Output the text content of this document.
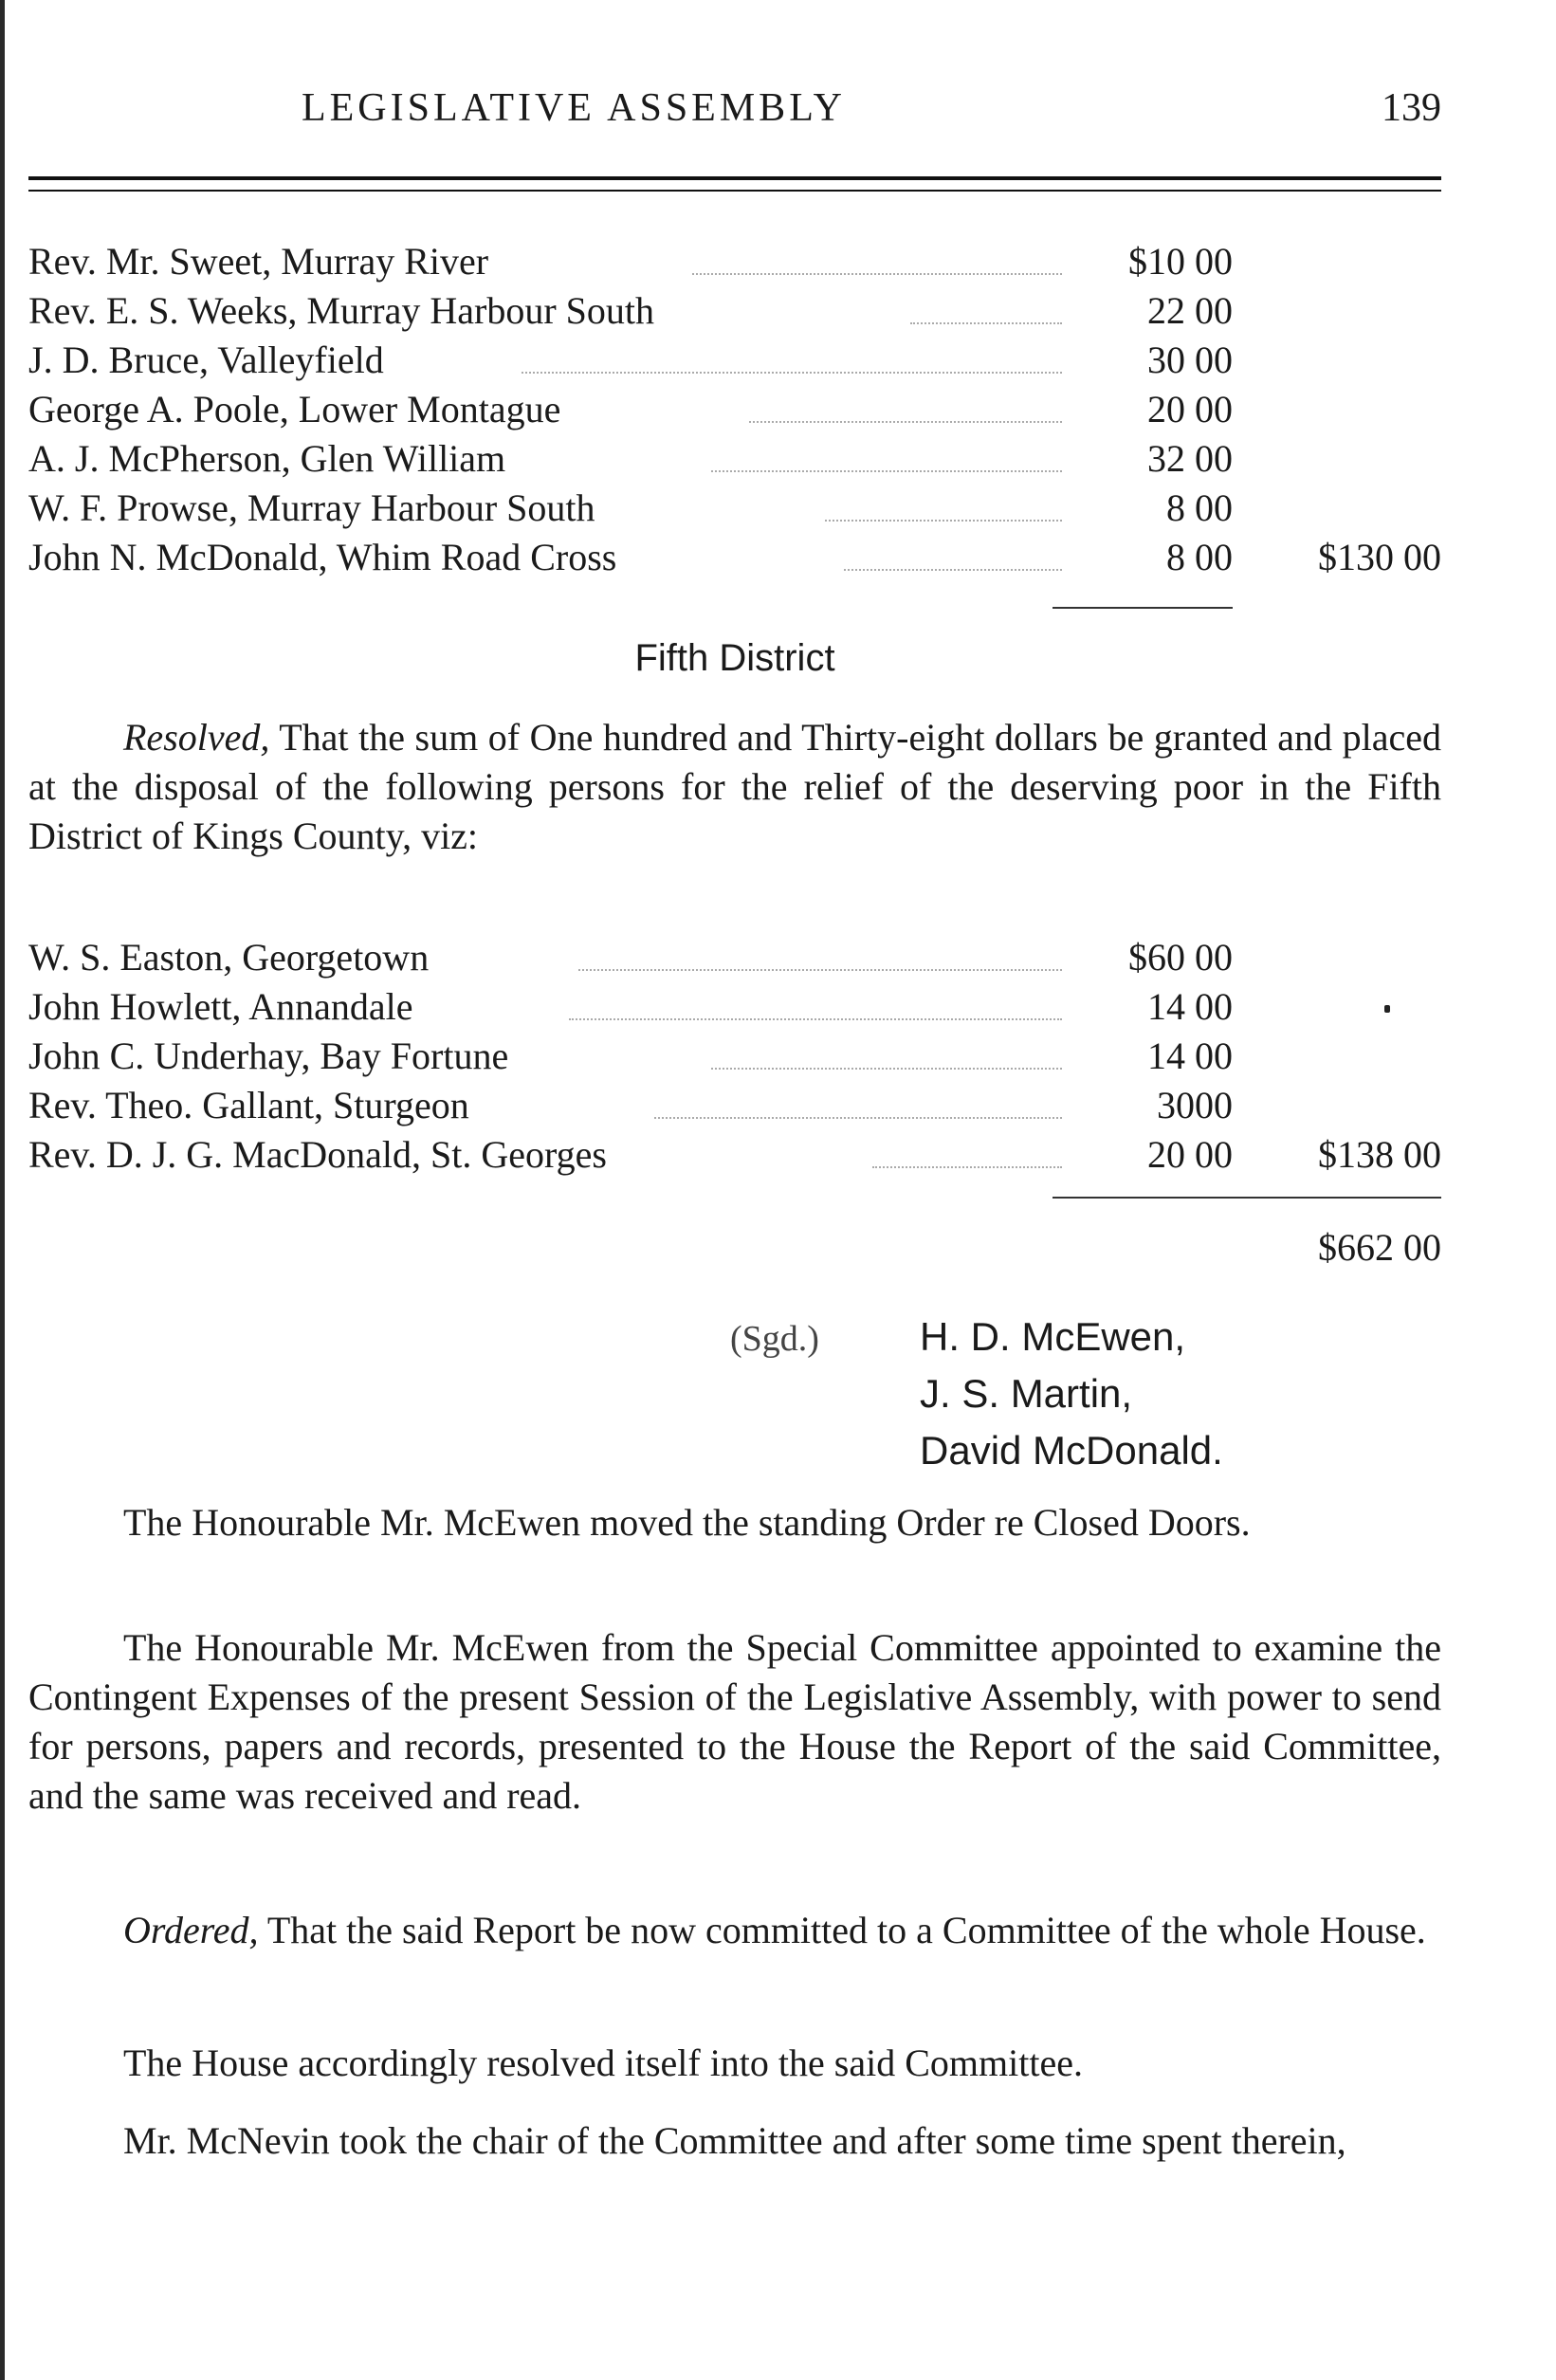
LEGISLATIVE ASSEMBLY	139
Rev. Mr. Sweet, Murray River	$10 00
Rev. E. S. Weeks, Murray Harbour South	22 00
J. D. Bruce, Valleyfield	30 00
George A. Poole, Lower Montague	20 00
A. J. McPherson, Glen William	32 00
W. F. Prowse, Murray Harbour South	8 00
John N. McDonald, Whim Road Cross	8 00	$130 00
Fifth District
Resolved, That the sum of One hundred and Thirty-eight dollars be granted and placed at the disposal of the following persons for the relief of the deserving poor in the Fifth District of Kings County, viz:
W. S. Easton, Georgetown	$60 00
John Howlett, Annandale	14 00
John C. Underhay, Bay Fortune	14 00
Rev. Theo. Gallant, Sturgeon	3000
Rev. D. J. G. MacDonald, St. Georges	20 00	$138 00
$662 00
(Sgd.)	H. D. McEwen,
J. S. Martin,
David McDonald.
The Honourable Mr. McEwen moved the standing Order re Closed Doors.
The Honourable Mr. McEwen from the Special Committee appointed to examine the Contingent Expenses of the present Session of the Legislative Assembly, with power to send for persons, papers and records, presented to the House the Report of the said Committee, and the same was received and read.
Ordered, That the said Report be now committed to a Committee of the whole House.
The House accordingly resolved itself into the said Committee.
Mr. McNevin took the chair of the Committee and after some time spent therein,
